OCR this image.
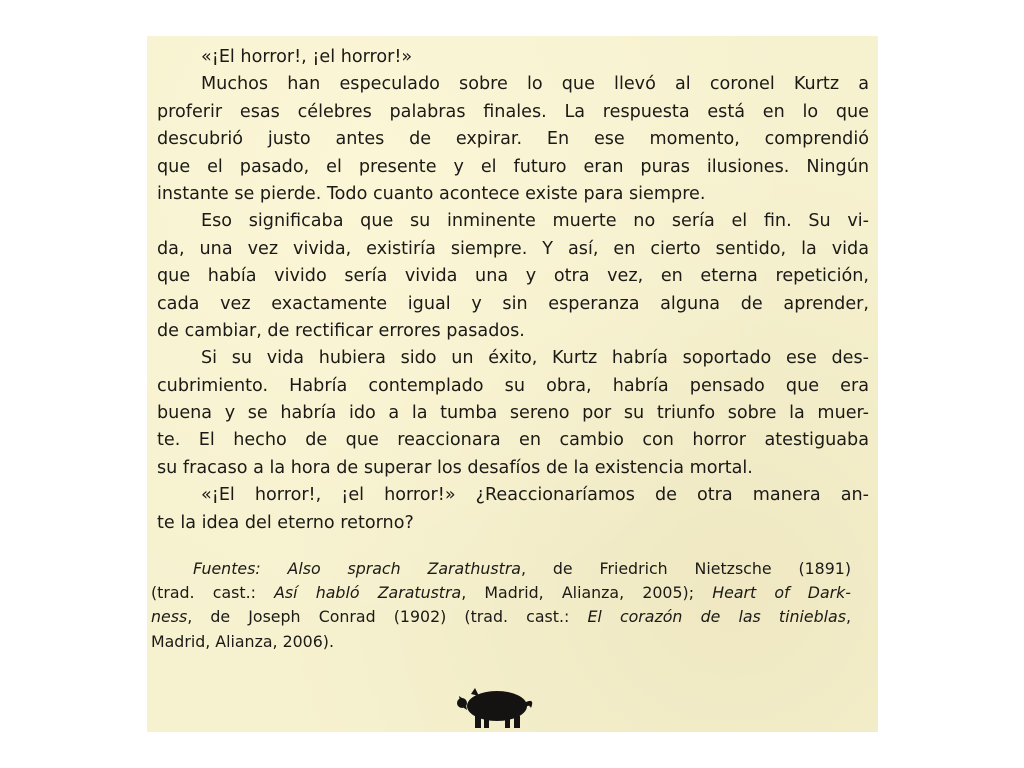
«¡El horror!, ¡el horror!»
Muchos han especulado sobre lo que llevó al coronel Kurtz a
proferir esas célebres palabras finales. La respuesta está en lo que
descubrió justo antes de expirar. En ese momento, comprendió
que el pasado, el presente y el futuro eran puras ilusiones. Ningún
instante se pierde. Todo cuanto acontece existe para siempre.
Eso significaba que su inminente muerte no sería el fin. Su vi-
da, una vez vivida, existiría siempre. Y así, en cierto sentido, la vida
que había vivido sería vivida una y otra vez, en eterna repetición,
cada vez exactamente igual y sin esperanza alguna de aprender,
de cambiar, de rectificar errores pasados.
Si su vida hubiera sido un éxito, Kurtz habría soportado ese des-
cubrimiento. Habría contemplado su obra, habría pensado que era
buena y se habría ido a la tumba sereno por su triunfo sobre la muer-
te. El hecho de que reaccionara en cambio con horror atestiguaba
su fracaso a la hora de superar los desafíos de la existencia mortal.
«¡El horror!, ¡el horror!» ¿Reaccionaríamos de otra manera an-
te la idea del eterno retorno?
Fuentes: Also sprach Zarathustra, de Friedrich Nietzsche (1891)
(trad. cast.: Así habló Zaratustra, Madrid, Alianza, 2005); Heart of Dark-
ness, de Joseph Conrad (1902) (trad. cast.: El corazón de las tinieblas,
Madrid, Alianza, 2006).
